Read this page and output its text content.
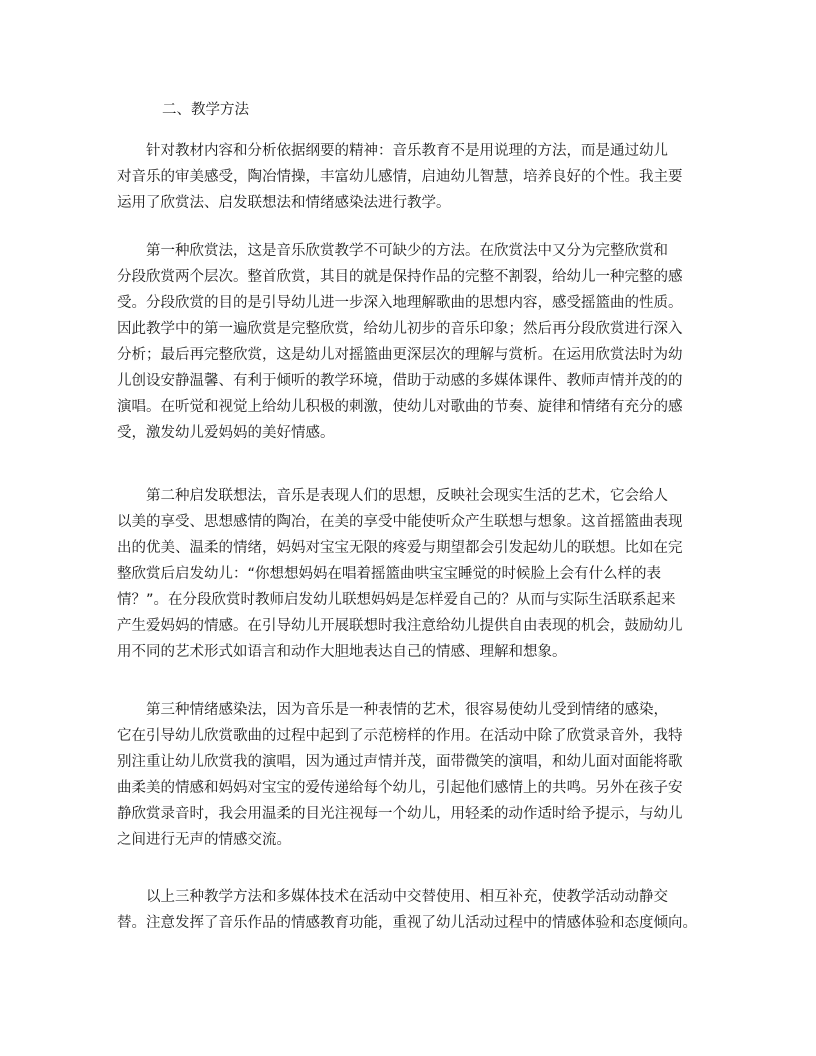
二、教学方法
　　针对教材内容和分析依据纲要的精神：音乐教育不是用说理的方法，而是通过幼儿
对音乐的审美感受，陶冶情操，丰富幼儿感情，启迪幼儿智慧，培养良好的个性。我主要
运用了欣赏法、启发联想法和情绪感染法进行教学。
　　第一种欣赏法，这是音乐欣赏教学不可缺少的方法。在欣赏法中又分为完整欣赏和
分段欣赏两个层次。整首欣赏，其目的就是保持作品的完整不割裂，给幼儿一种完整的感
受。分段欣赏的目的是引导幼儿进一步深入地理解歌曲的思想内容，感受摇篮曲的性质。
因此教学中的第一遍欣赏是完整欣赏，给幼儿初步的音乐印象；然后再分段欣赏进行深入
分析；最后再完整欣赏，这是幼儿对摇篮曲更深层次的理解与赏析。在运用欣赏法时为幼
儿创设安静温馨、有利于倾听的教学环境，借助于动感的多媒体课件、教师声情并茂的的
演唱。在听觉和视觉上给幼儿积极的刺激，使幼儿对歌曲的节奏、旋律和情绪有充分的感
受，激发幼儿爱妈妈的美好情感。
　　第二种启发联想法，音乐是表现人们的思想，反映社会现实生活的艺术，它会给人
以美的享受、思想感情的陶冶，在美的享受中能使听众产生联想与想象。这首摇篮曲表现
出的优美、温柔的情绪，妈妈对宝宝无限的疼爱与期望都会引发起幼儿的联想。比如在完
整欣赏后启发幼儿：“你想想妈妈在唱着摇篮曲哄宝宝睡觉的时候脸上会有什么样的表
情？”。在分段欣赏时教师启发幼儿联想妈妈是怎样爱自己的？从而与实际生活联系起来
产生爱妈妈的情感。在引导幼儿开展联想时我注意给幼儿提供自由表现的机会，鼓励幼儿
用不同的艺术形式如语言和动作大胆地表达自己的情感、理解和想象。
　　第三种情绪感染法，因为音乐是一种表情的艺术，很容易使幼儿受到情绪的感染，
它在引导幼儿欣赏歌曲的过程中起到了示范榜样的作用。在活动中除了欣赏录音外，我特
别注重让幼儿欣赏我的演唱，因为通过声情并茂，面带微笑的演唱，和幼儿面对面能将歌
曲柔美的情感和妈妈对宝宝的爱传递给每个幼儿，引起他们感情上的共鸣。另外在孩子安
静欣赏录音时，我会用温柔的目光注视每一个幼儿，用轻柔的动作适时给予提示，与幼儿
之间进行无声的情感交流。
　　以上三种教学方法和多媒体技术在活动中交替使用、相互补充，使教学活动动静交
替。注意发挥了音乐作品的情感教育功能，重视了幼儿活动过程中的情感体验和态度倾向。
